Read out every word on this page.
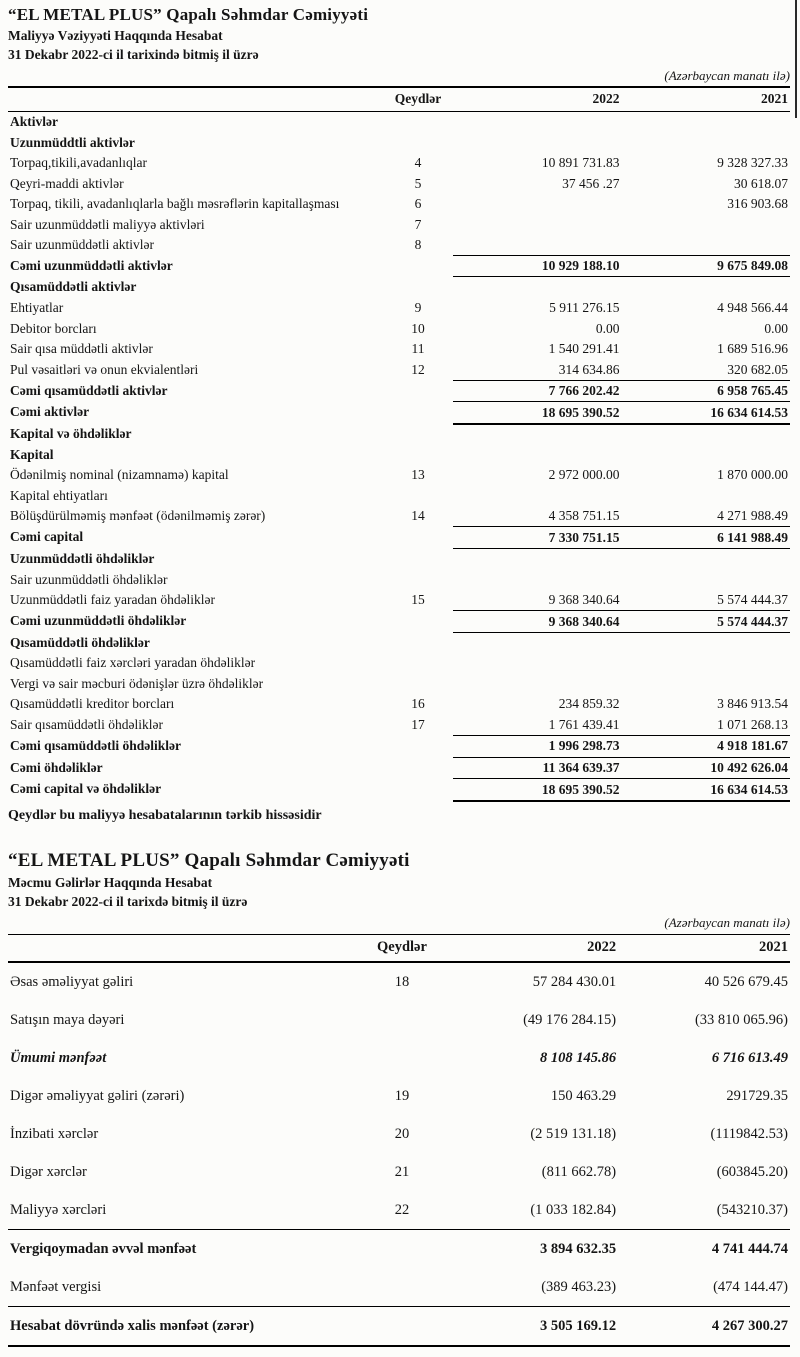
“EL METAL PLUS” Qapalı Səhmdar Cəmiyyəti
Maliyyə Vəziyyəti Haqqında Hesabat
31 Dekabr 2022-ci il tarixində bitmiş il üzrə
(Azərbaycan manatı ilə)
	Qeydlər	2022	2021
Aktivlər			
Uzunmüddtli aktivlər			
Torpaq,tikili,avadanlıqlar	4	10 891 731.83	9 328 327.33
Qeyri-maddi aktivlər	5	37 456 .27	30 618.07
Torpaq, tikili, avadanlıqlarla bağlı məsrəflərin kapitallaşması	6		316 903.68
Sair uzunmüddətli maliyyə aktivləri	7		
Sair uzunmüddətli aktivlər	8		
Cəmi uzunmüddətli aktivlər		10 929 188.10	9 675 849.08
Qısamüddətli aktivlər			
Ehtiyatlar	9	5 911 276.15	4 948 566.44
Debitor borcları	10	0.00	0.00
Sair qısa müddətli aktivlər	11	1 540 291.41	1 689 516.96
Pul vəsaitləri və onun ekvialentləri	12	314 634.86	320 682.05
Cəmi qısamüddətli aktivlər		7 766 202.42	6 958 765.45
Cəmi aktivlər		18 695 390.52	16 634 614.53
Kapital və öhdəliklər			
Kapital			
Ödənilmiş nominal (nizamnamə) kapital	13	2 972 000.00	1 870 000.00
Kapital ehtiyatları			
Bölüşdürülməmiş mənfəət (ödənilməmiş zərər)	14	4 358 751.15	4 271 988.49
Cəmi capital		7 330 751.15	6 141 988.49
Uzunmüddətli öhdəliklər			
Sair uzunmüddətli öhdəliklər			
Uzunmüddətli faiz yaradan öhdəliklər	15	9 368 340.64	5 574 444.37
Cəmi uzunmüddətli öhdəliklər		9 368 340.64	5 574 444.37
Qısamüddətli öhdəliklər			
Qısamüddətli faiz xərcləri yaradan öhdəliklər			
Vergi və sair məcburi ödənişlər üzrə öhdəliklər			
Qısamüddətli kreditor borcları	16	234 859.32	3 846 913.54
Sair qısamüddətli öhdəliklər	17	1 761 439.41	1 071 268.13
Cəmi qısamüddətli öhdəliklər		1 996 298.73	4 918 181.67
Cəmi öhdəliklər		11 364 639.37	10 492 626.04
Cəmi capital və öhdəliklər		18 695 390.52	16 634 614.53

Qeydlər bu maliyyə hesabatalarının tərkib hissəsidir

“EL METAL PLUS” Qapalı Səhmdar Cəmiyyəti
Məcmu Gəlirlər Haqqında Hesabat
31 Dekabr 2022-ci il tarixdə bitmiş il üzrə
(Azərbaycan manatı ilə)
	Qeydlər	2022	2021
Əsas əməliyyat gəliri	18	57 284 430.01	40 526 679.45
Satışın maya dəyəri		(49 176 284.15)	(33 810 065.96)
Ümumi mənfəət		8 108 145.86	6 716 613.49
Digər əməliyyat gəliri (zərəri)	19	150 463.29	291729.35
İnzibati xərclər	20	(2 519 131.18)	(1119842.53)
Digər xərclər	21	(811 662.78)	(603845.20)
Maliyyə xərcləri	22	(1 033 182.84)	(543210.37)
Vergiqoymadan əvvəl mənfəət		3 894 632.35	4 741 444.74
Mənfəət vergisi		(389 463.23)	(474 144.47)
Hesabat dövründə xalis mənfəət (zərər)		3 505 169.12	4 267 300.27
